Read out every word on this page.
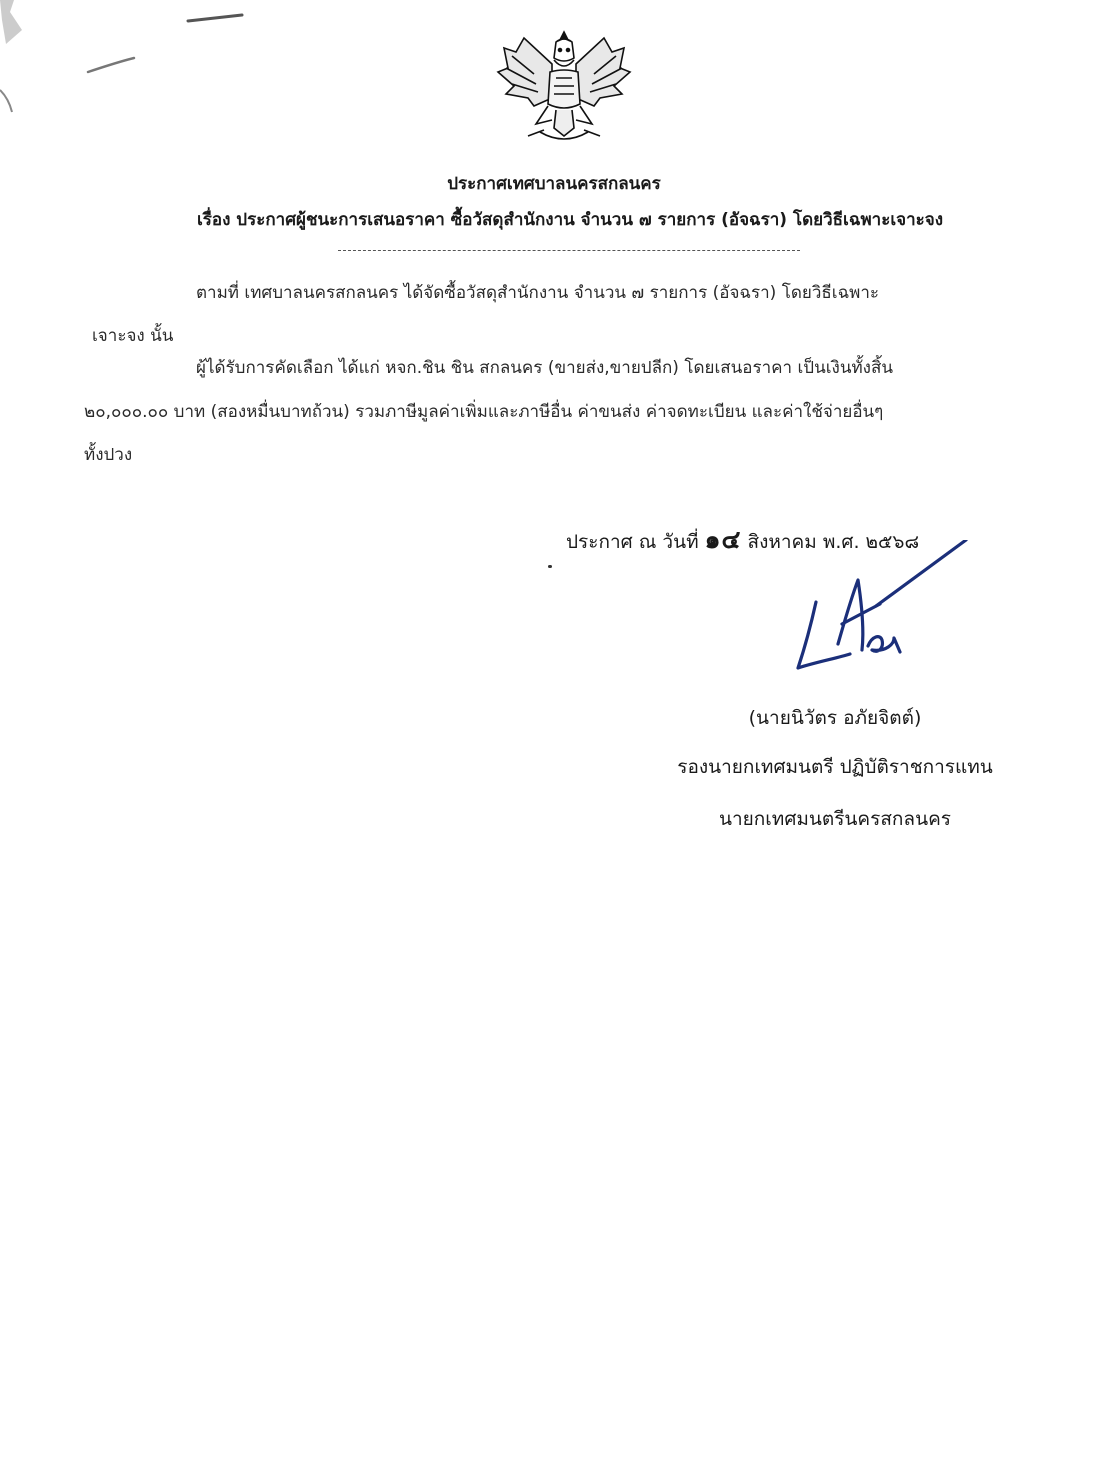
ประกาศเทศบาลนครสกลนคร
เรื่อง ประกาศผู้ชนะการเสนอราคา ซื้อวัสดุสำนักงาน จำนวน ๗ รายการ (อัจฉรา) โดยวิธีเฉพาะเจาะจง
ตามที่ เทศบาลนครสกลนคร ได้จัดซื้อวัสดุสำนักงาน จำนวน ๗ รายการ (อัจฉรา) โดยวิธีเฉพาะ
เจาะจง นั้น
ผู้ได้รับการคัดเลือก ได้แก่ หจก.ชิน ชิน สกลนคร (ขายส่ง,ขายปลีก) โดยเสนอราคา เป็นเงินทั้งสิ้น
๒๐,๐๐๐.๐๐ บาท (สองหมื่นบาทถ้วน) รวมภาษีมูลค่าเพิ่มและภาษีอื่น ค่าขนส่ง ค่าจดทะเบียน และค่าใช้จ่ายอื่นๆ
ทั้งปวง
ประกาศ ณ วันที่ ๑๔ สิงหาคม พ.ศ. ๒๕๖๘
(นายนิวัตร อภัยจิตต์)
รองนายกเทศมนตรี ปฏิบัติราชการแทน
นายกเทศมนตรีนครสกลนคร
